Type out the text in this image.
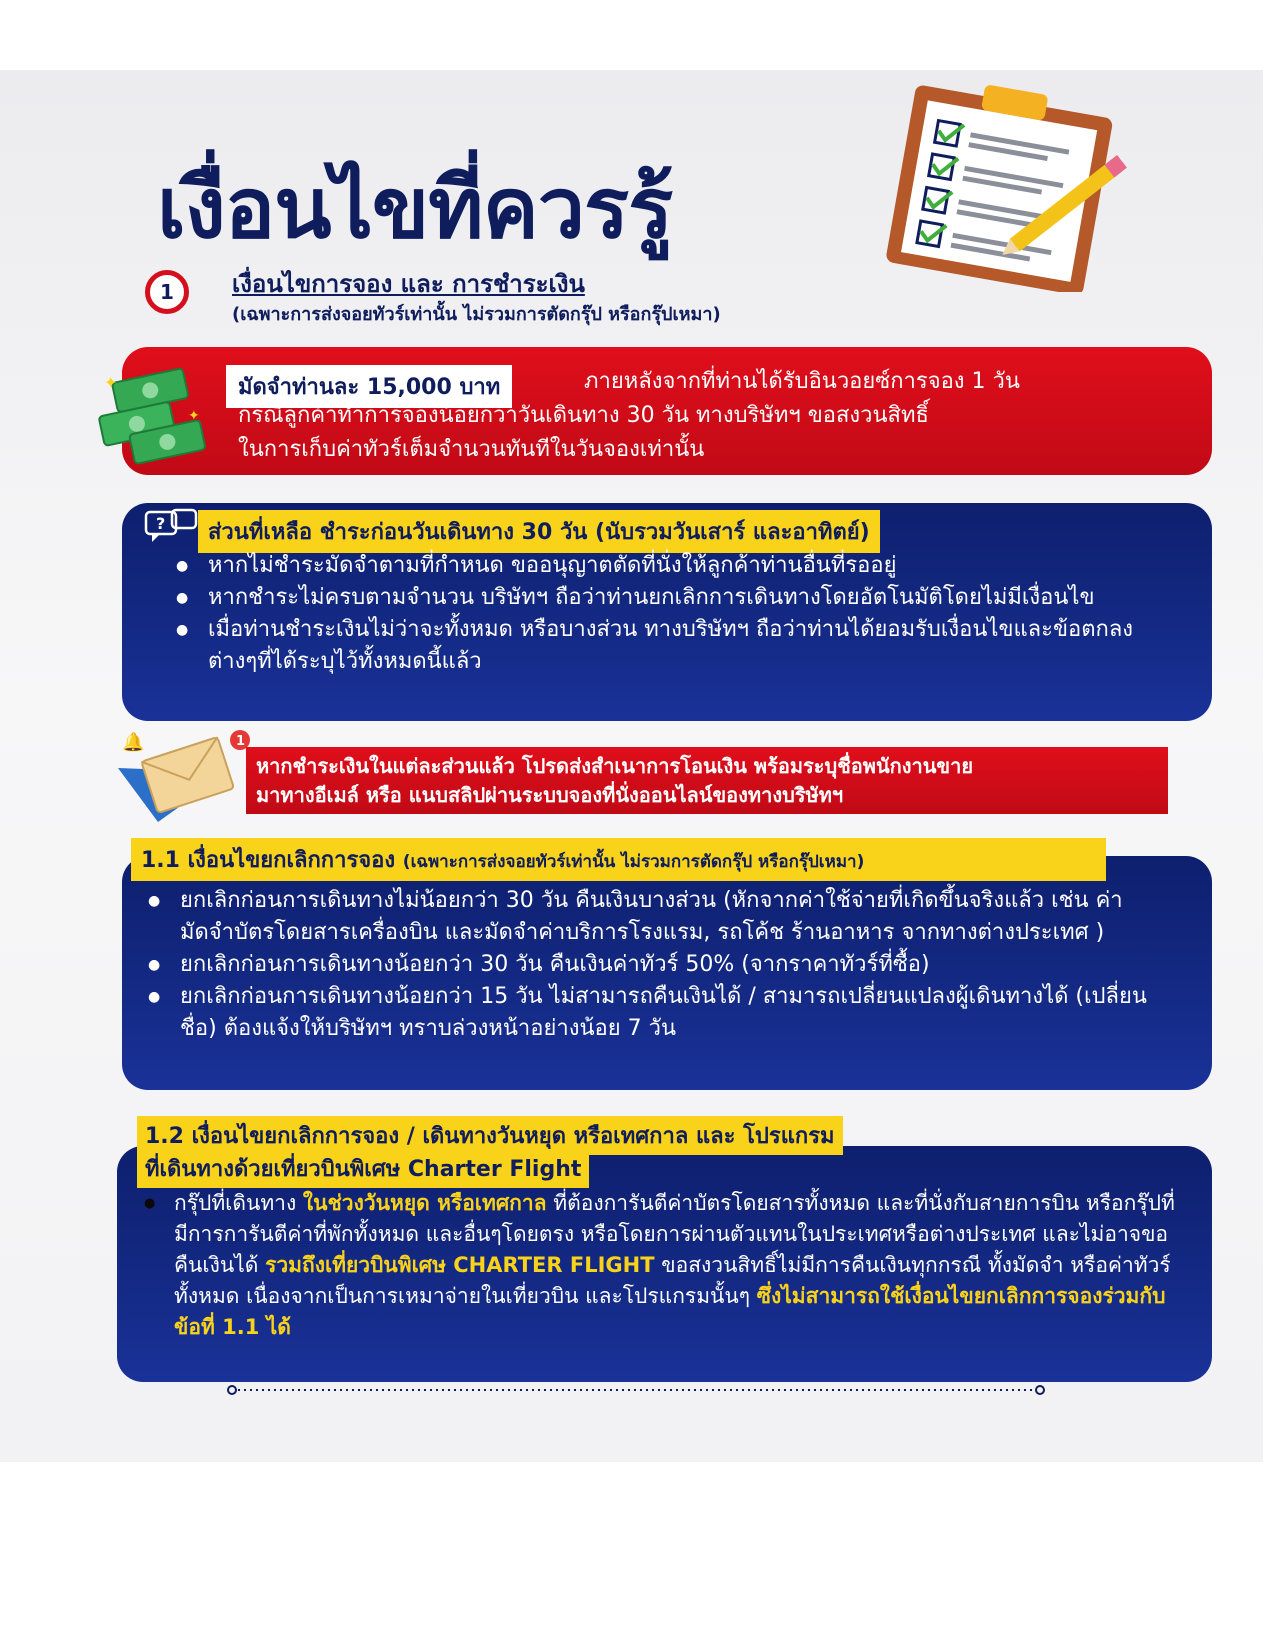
เงื่อนไขที่ควรรู้
1	เงื่อนไขการจอง และ การชำระเงิน
(เฉพาะการส่งจอยทัวร์เท่านั้น ไม่รวมการตัดกรุ๊ป หรือกรุ๊ปเหมา)
✦
✦
มัดจำท่านละ 15,000 บาท	ภายหลังจากที่ท่านได้รับอินวอยซ์การจอง 1 วัน
กรณีลูกค้าทำการจองน้อยกว่าวันเดินทาง 30 วัน ทางบริษัทฯ ขอสงวนสิทธิ์
ในการเก็บค่าทัวร์เต็มจำนวนทันทีในวันจองเท่านั้น
?	ส่วนที่เหลือ ชำระก่อนวันเดินทาง 30 วัน (นับรวมวันเสาร์ และอาทิตย์)
● หากไม่ชำระมัดจำตามที่กำหนด ขออนุญาตตัดที่นั่งให้ลูกค้าท่านอื่นที่รออยู่
● หากชำระไม่ครบตามจำนวน บริษัทฯ ถือว่าท่านยกเลิกการเดินทางโดยอัตโนมัติโดยไม่มีเงื่อนไข
● เมื่อท่านชำระเงินไม่ว่าจะทั้งหมด หรือบางส่วน ทางบริษัทฯ ถือว่าท่านได้ยอมรับเงื่อนไขและข้อตกลงต่างๆที่ได้ระบุไว้ทั้งหมดนี้แล้ว
1
🔔
หากชำระเงินในแต่ละส่วนแล้ว โปรดส่งสำเนาการโอนเงิน พร้อมระบุชื่อพนักงานขาย
มาทางอีเมล์ หรือ แนบสลิปผ่านระบบจองที่นั่งออนไลน์ของทางบริษัทฯ
1.1 เงื่อนไขยกเลิกการจอง (เฉพาะการส่งจอยทัวร์เท่านั้น ไม่รวมการตัดกรุ๊ป หรือกรุ๊ปเหมา)
● ยกเลิกก่อนการเดินทางไม่น้อยกว่า 30 วัน คืนเงินบางส่วน (หักจากค่าใช้จ่ายที่เกิดขึ้นจริงแล้ว เช่น ค่ามัดจำบัตรโดยสารเครื่องบิน และมัดจำค่าบริการโรงแรม, รถโค้ช ร้านอาหาร จากทางต่างประเทศ )
● ยกเลิกก่อนการเดินทางน้อยกว่า 30 วัน คืนเงินค่าทัวร์ 50% (จากราคาทัวร์ที่ซื้อ)
● ยกเลิกก่อนการเดินทางน้อยกว่า 15 วัน ไม่สามารถคืนเงินได้ / สามารถเปลี่ยนแปลงผู้เดินทางได้ (เปลี่ยนชื่อ) ต้องแจ้งให้บริษัทฯ ทราบล่วงหน้าอย่างน้อย 7 วัน
1.2 เงื่อนไขยกเลิกการจอง / เดินทางวันหยุด หรือเทศกาล และ โปรแกรม
ที่เดินทางด้วยเที่ยวบินพิเศษ Charter Flight
● กรุ๊ปที่เดินทาง ในช่วงวันหยุด หรือเทศกาล ที่ต้องการันตีค่าบัตรโดยสารทั้งหมด และที่นั่งกับสายการบิน หรือกรุ๊ปที่มีการการันตีค่าที่พักทั้งหมด และอื่นๆโดยตรง หรือโดยการผ่านตัวแทนในประเทศหรือต่างประเทศ และไม่อาจขอคืนเงินได้ รวมถึงเที่ยวบินพิเศษ CHARTER FLIGHT ขอสงวนสิทธิ์ไม่มีการคืนเงินทุกกรณี ทั้งมัดจำ หรือค่าทัวร์ทั้งหมด เนื่องจากเป็นการเหมาจ่ายในเที่ยวบิน และโปรแกรมนั้นๆ ซึ่งไม่สามารถใช้เงื่อนไขยกเลิกการจองร่วมกับข้อที่ 1.1 ได้
